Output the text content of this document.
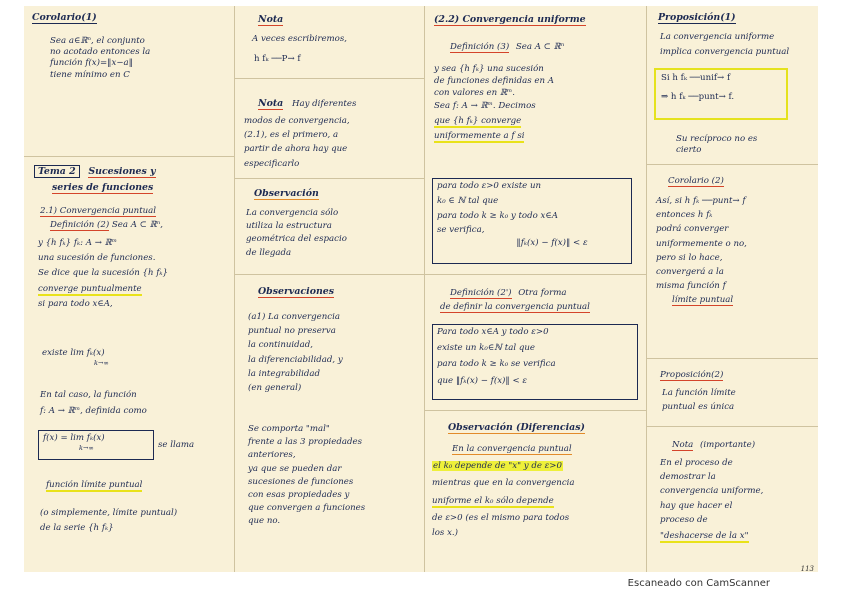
Corolario(1)
Sea a∈ℝⁿ, el conjunto
no acotado entonces la
función f(x)=‖x−a‖
tiene mínimo en C
Tema 2 Sucesiones y
series de funciones
2.1) Convergencia puntual
Definición (2) Sea A ⊂ ℝⁿ,
y {h fₖ} fₖ: A → ℝᵐ
una sucesión de funciones.
Se dice que la sucesión {h fₖ}
converge puntualmente
si para todo x∈A,
existe lim fₖ(x)
k→∞
En tal caso, la función
f: A → ℝᵐ, definida como
f(x) = lim fₖ(x)
k→∞	se llama
función límite puntual
(o simplemente, límite puntual)
de la serie {h fₖ}
Nota
A veces escribiremos,
h fₖ ──P→ f
Nota Hay diferentes
modos de convergencia,
(2.1), es el primero, a
partir de ahora hay que
especificarlo
Observación
La convergencia sólo
utiliza la estructura
geométrica del espacio
de llegada
Observaciones
(a1) La convergencia
puntual no preserva
la continuidad,
la diferenciabilidad, y
la integrabilidad
(en general)
Se comporta "mal"
frente a las 3 propiedades
anteriores,
ya que se pueden dar
sucesiones de funciones
con esas propiedades y
que convergen a funciones
que no.
(2.2) Convergencia uniforme
Definición (3) Sea A ⊂ ℝⁿ
y sea {h fₖ} una sucesión
de funciones definidas en A
con valores en ℝᵐ.
Sea f: A → ℝᵐ. Decimos
que {h fₖ} converge
uniformemente a f si
para todo ε>0 existe un
k₀ ∈ ℕ tal que
para todo k ≥ k₀ y todo x∈A
se verifica,
‖fₖ(x) − f(x)‖ < ε
Definición (2') Otra forma
de definir la convergencia puntual
Para todo x∈A y todo ε>0
existe un k₀∈ℕ tal que
para todo k ≥ k₀ se verifica
que ‖fₖ(x) − f(x)‖ < ε
Observación (Diferencias)
En la convergencia puntual
el k₀ depende de "x" y de ε>0
mientras que en la convergencia
uniforme el k₀ sólo depende
de ε>0 (es el mismo para todos
los x.)
Proposición(1)
La convergencia uniforme
implica convergencia puntual
Si h fₖ ──unif→ f
⇒ h fₖ ──punt→ f.
Su recíproco no es
cierto
Corolario (2)
Así, si h fₖ ──punt→ f
entonces h fₖ
podrá converger
uniformemente o no,
pero si lo hace,
convergerá a la
misma función f
límite puntual
Proposición(2)
La función límite
puntual es única
Nota (importante)
En el proceso de
demostrar la
convergencia uniforme,
hay que hacer el
proceso de
"deshacerse de la x"
113
Escaneado con CamScanner
